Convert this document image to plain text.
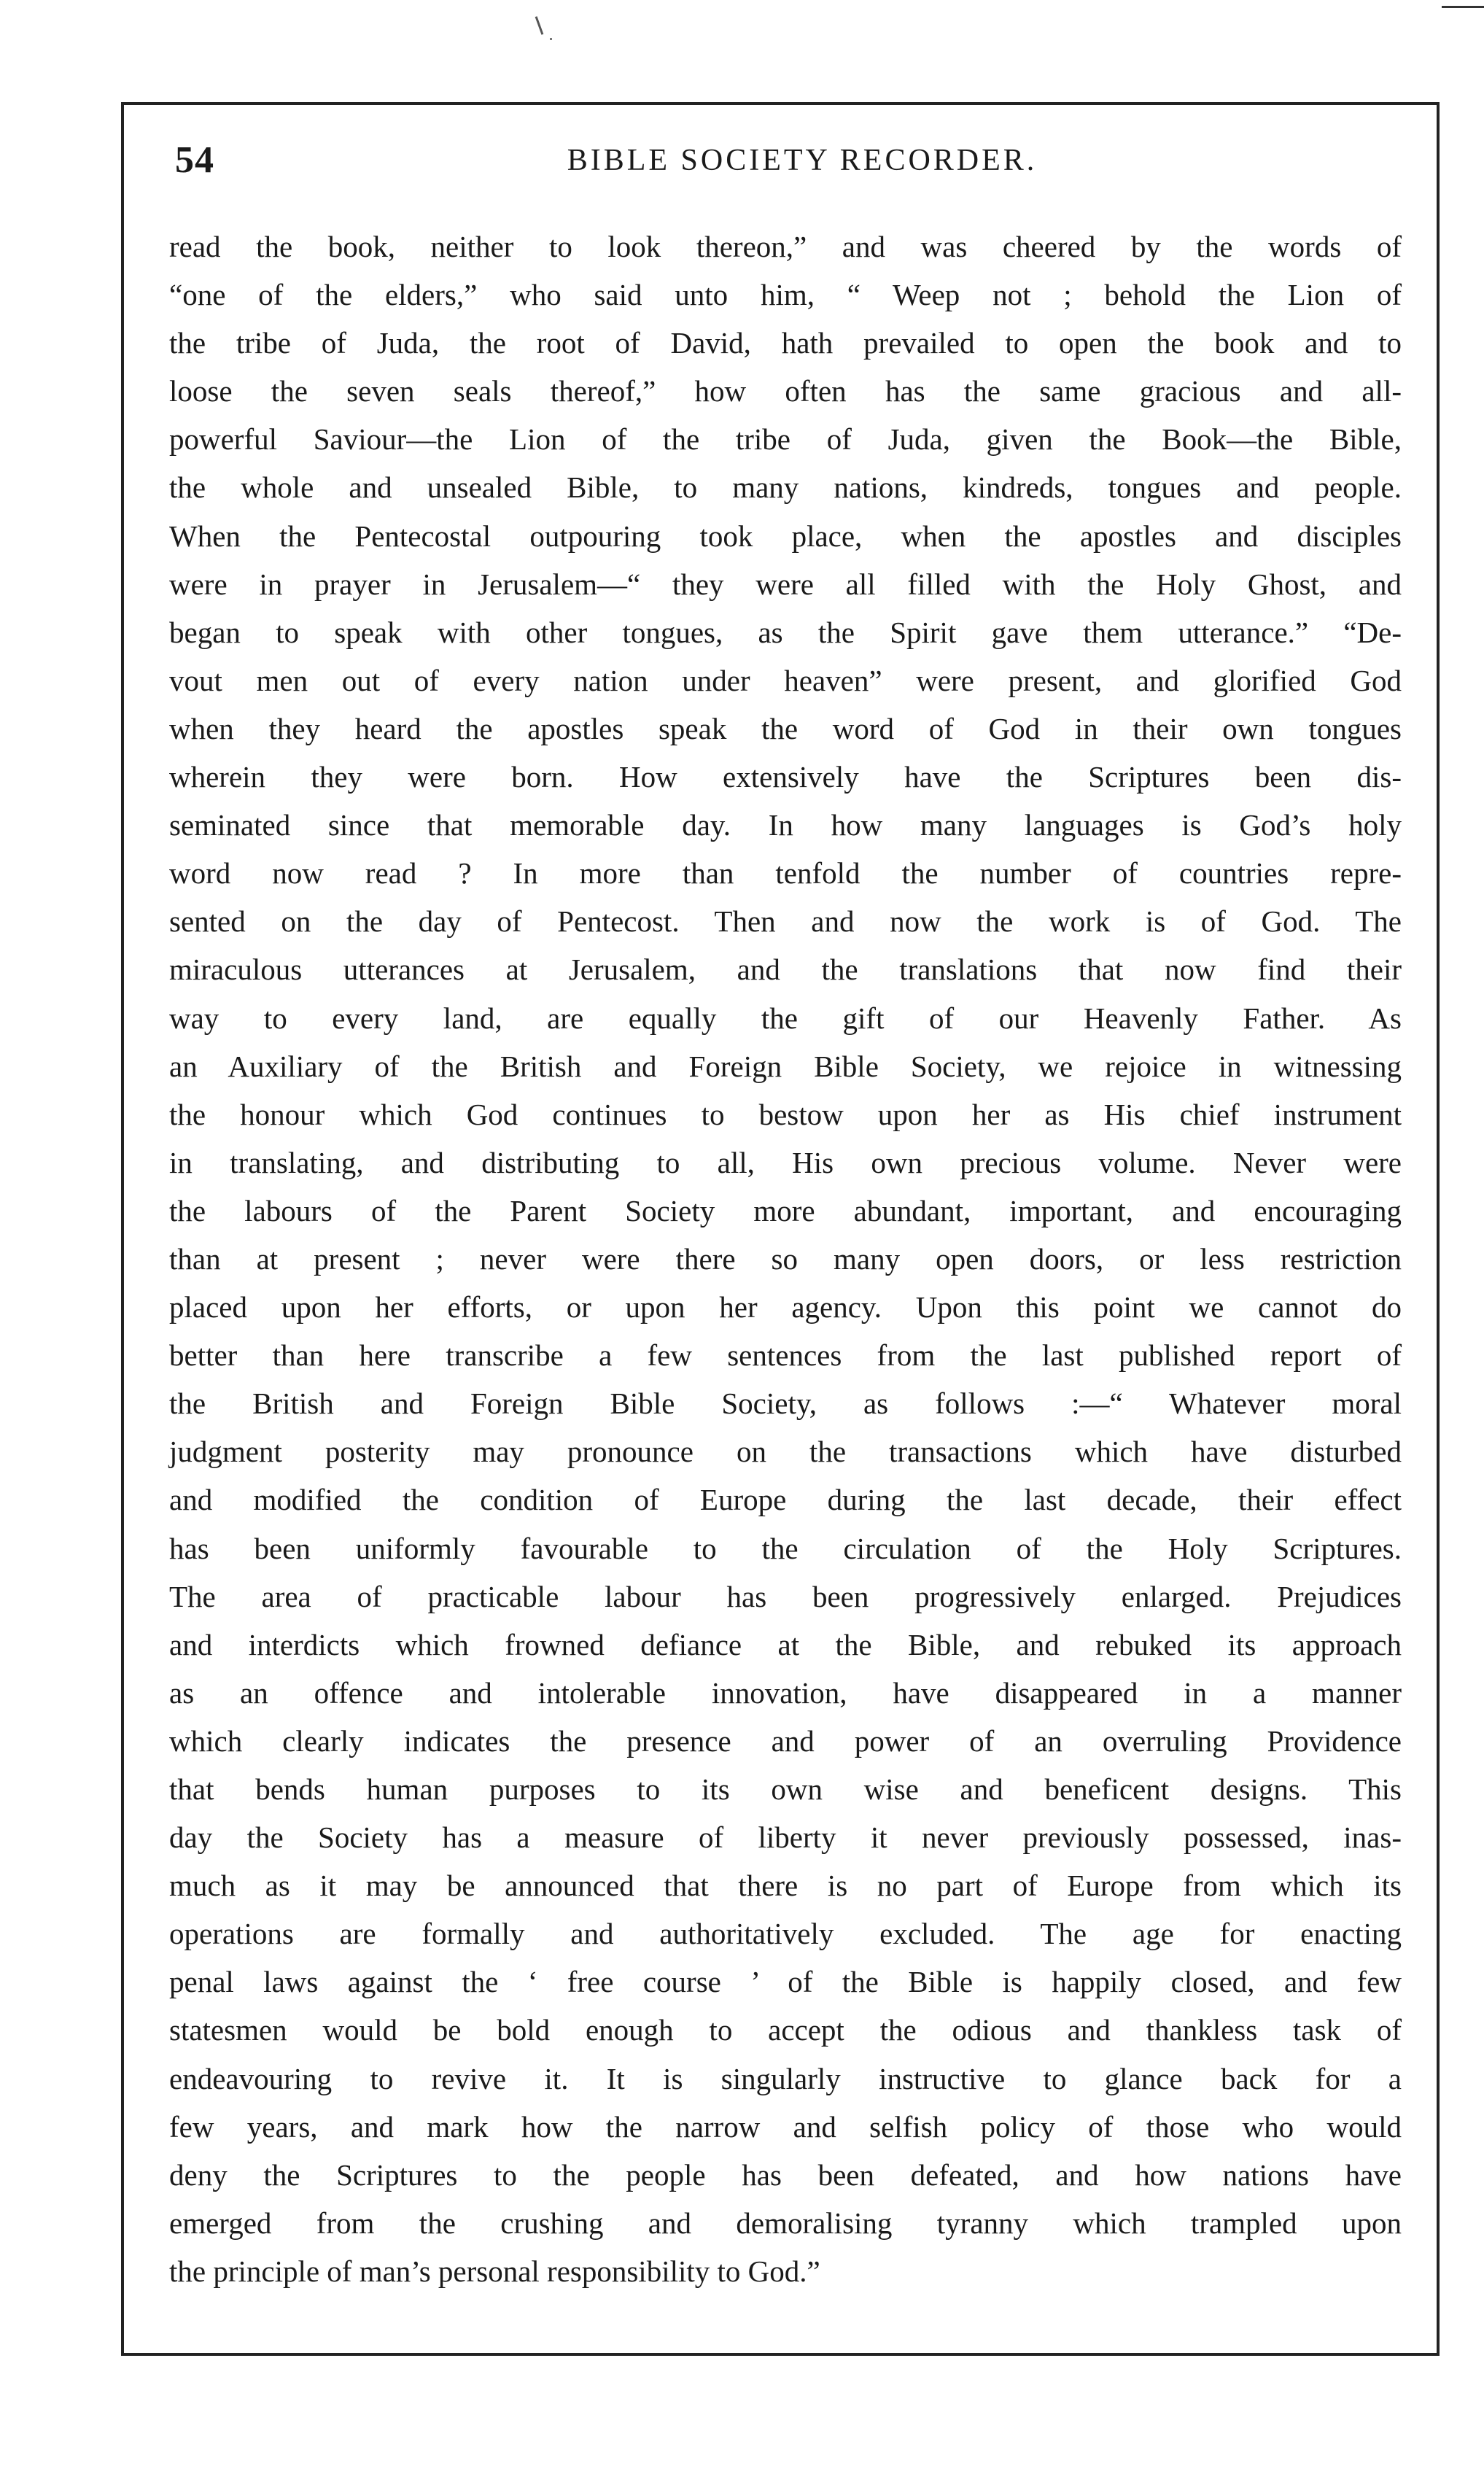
54	BIBLE SOCIETY RECORDER.
read the book, neither to look thereon,” and was cheered by the words of
“one of the elders,” who said unto him, “ Weep not ; behold the Lion of
the tribe of Juda, the root of David, hath prevailed to open the book and to
loose the seven seals thereof,” how often has the same gracious and all-
powerful Saviour—the Lion of the tribe of Juda, given the Book—the Bible,
the whole and unsealed Bible, to many nations, kindreds, tongues and people.
When the Pentecostal outpouring took place, when the apostles and disciples
were in prayer in Jerusalem—“ they were all filled with the Holy Ghost, and
began to speak with other tongues, as the Spirit gave them utterance.” “De-
vout men out of every nation under heaven” were present, and glorified God
when they heard the apostles speak the word of God in their own tongues
wherein they were born. How extensively have the Scriptures been dis-
seminated since that memorable day. In how many languages is God’s holy
word now read ? In more than tenfold the number of countries repre-
sented on the day of Pentecost. Then and now the work is of God. The
miraculous utterances at Jerusalem, and the translations that now find their
way to every land, are equally the gift of our Heavenly Father. As
an Auxiliary of the British and Foreign Bible Society, we rejoice in witnessing
the honour which God continues to bestow upon her as His chief instrument
in translating, and distributing to all, His own precious volume. Never were
the labours of the Parent Society more abundant, important, and encouraging
than at present ; never were there so many open doors, or less restriction
placed upon her efforts, or upon her agency. Upon this point we cannot do
better than here transcribe a few sentences from the last published report of
the British and Foreign Bible Society, as follows :—“ Whatever moral
judgment posterity may pronounce on the transactions which have disturbed
and modified the condition of Europe during the last decade, their effect
has been uniformly favourable to the circulation of the Holy Scriptures.
The area of practicable labour has been progressively enlarged. Prejudices
and interdicts which frowned defiance at the Bible, and rebuked its approach
as an offence and intolerable innovation, have disappeared in a manner
which clearly indicates the presence and power of an overruling Providence
that bends human purposes to its own wise and beneficent designs. This
day the Society has a measure of liberty it never previously possessed, inas-
much as it may be announced that there is no part of Europe from which its
operations are formally and authoritatively excluded. The age for enacting
penal laws against the ‘ free course ’ of the Bible is happily closed, and few
statesmen would be bold enough to accept the odious and thankless task of
endeavouring to revive it. It is singularly instructive to glance back for a
few years, and mark how the narrow and selfish policy of those who would
deny the Scriptures to the people has been defeated, and how nations have
emerged from the crushing and demoralising tyranny which trampled upon
the principle of man’s personal responsibility to God.”
